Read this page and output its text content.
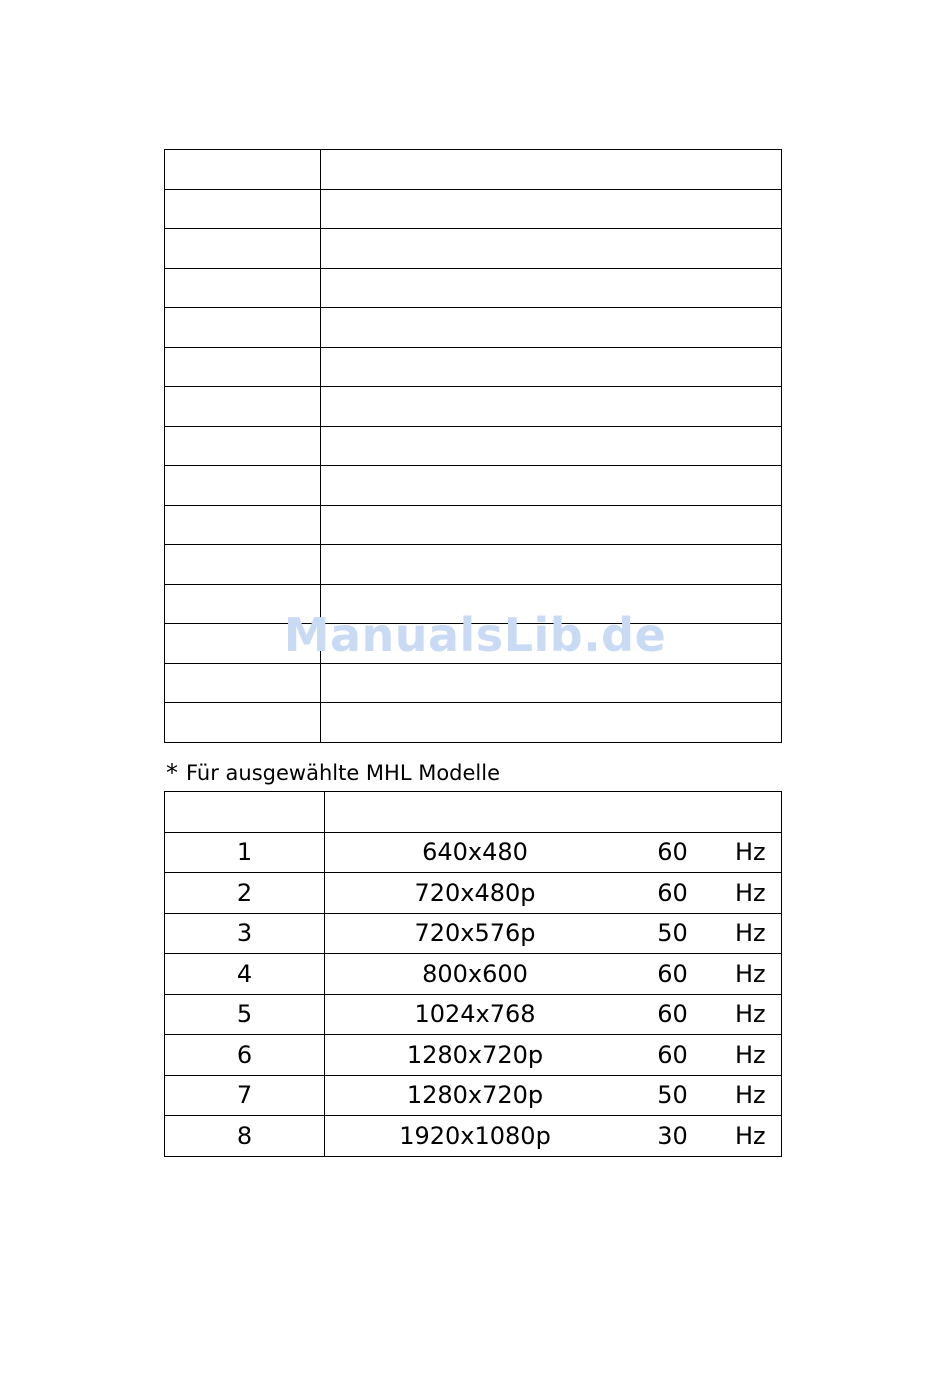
ManualsLib.de
* Für ausgewählte MHL Modelle

1	640x480 60 Hz

2	720x480p 60 Hz

3	720x576p 50 Hz

4	800x600 60 Hz

5	1024x768 60 Hz

6	1280x720p 60 Hz

7	1280x720p 50 Hz

8	1920x1080p 30 Hz
